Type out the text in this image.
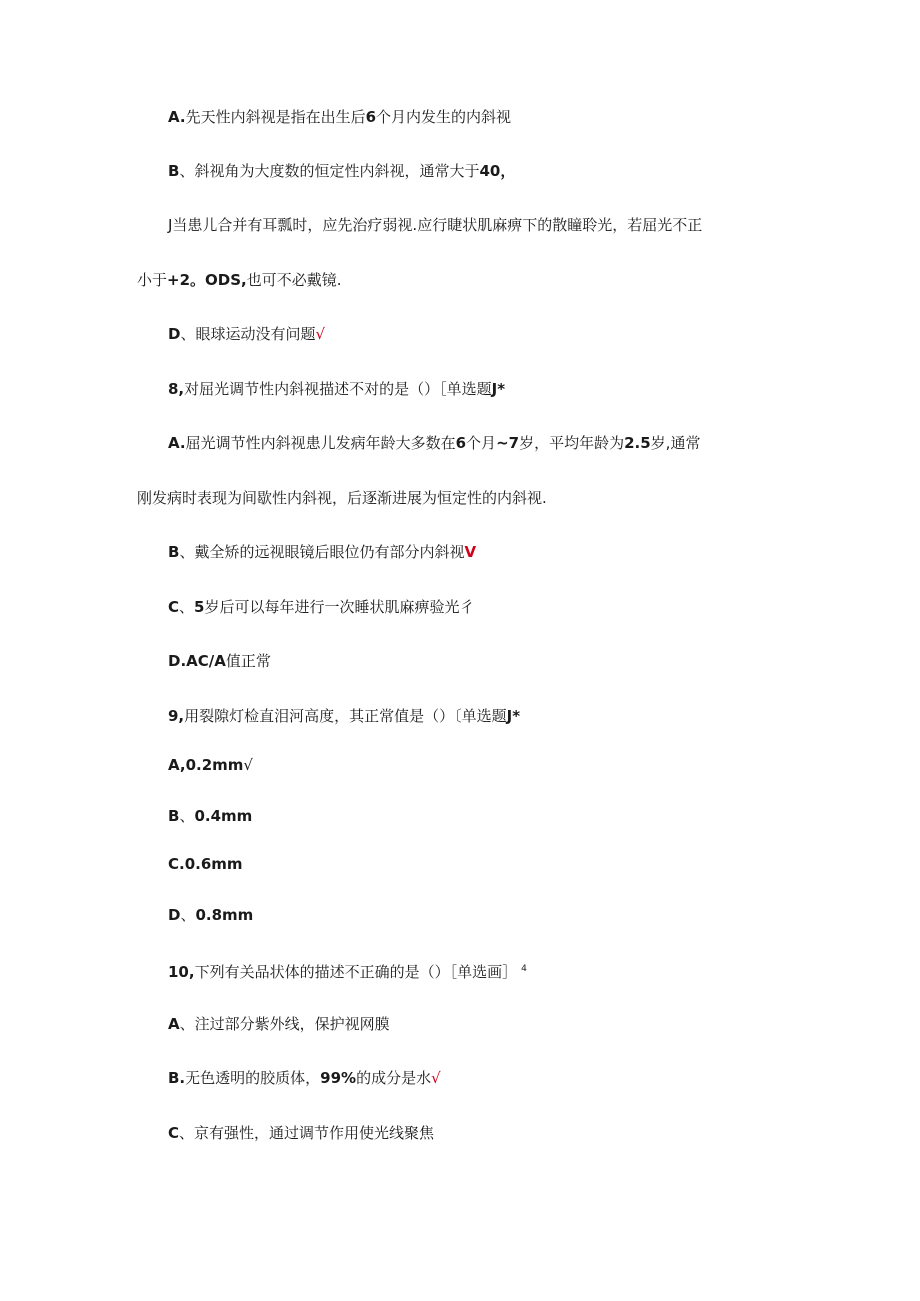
A.先天性内斜视是指在出生后6个月内发生的内斜视
B、斜视角为大度数的恒定性内斜视，通常大于40，
J当患儿合并有耳瓢时，应先治疗弱视.应行睫状肌麻痹下的散瞳聆光，若屈光不正
小于+2。ODS,也可不必戴镜.
D、眼球运动没有问题√
8,对屈光调节性内斜视描述不对的是（）［单选题J*
A.屈光调节性内斜视患儿发病年龄大多数在6个月~7岁，平均年龄为2.5岁,通常
刚发病时表现为间歇性内斜视，后逐渐进展为恒定性的内斜视.
B、戴全矫的远视眼镜后眼位仍有部分内斜视V
C、5岁后可以每年进行一次睡状肌麻痹验光彳
D.AC/A值正常
9,用裂隙灯检直泪河高度，其正常值是（）〔单选题J*
A,0.2mm√
B、0.4mm
C.0.6mm
D、0.8mm
10,下列有关品状体的描述不正确的是（）［单选画］ $^4$
A、注过部分紫外线，保护视网膜
B.无色透明的胶质体，99%的成分是水√
C、京有强性，通过调节作用使光线聚焦
